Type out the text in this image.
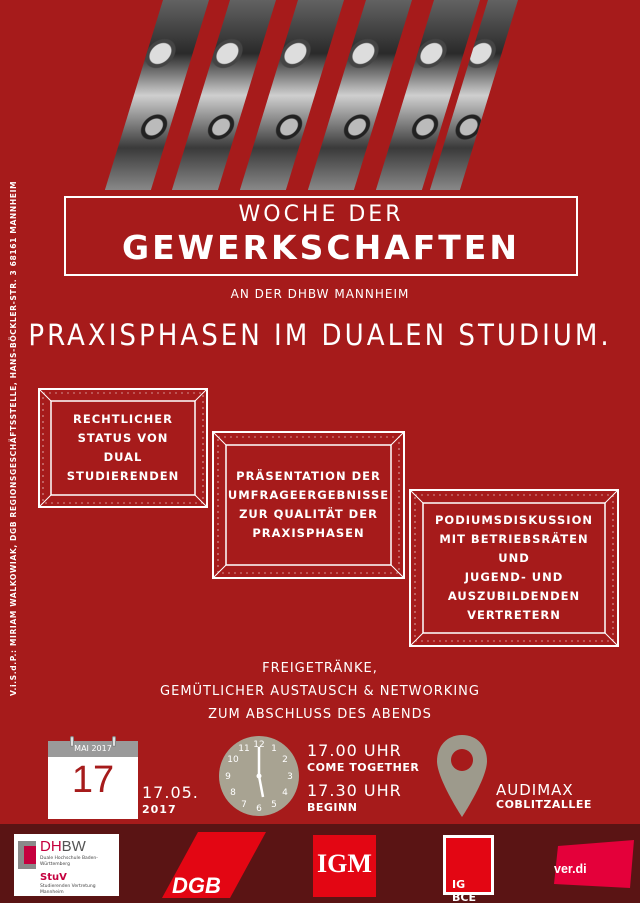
WOCHE DER
GEWERKSCHAFTEN
AN DER DHBW MANNHEIM
PRAXISPHASEN IM DUALEN STUDIUM.
V.i.S.d.P.: MIRIAM WALKOWIAK, DGB REGIONSGESCHÄFTSSTELLE, HANS-BÖCKLER-STR. 3 68161 MANNHEIM	RECHTLICHER
STATUS VON DUAL
STUDIERENDEN	PRÄSENTATION DER
UMFRAGEERGEBNISSE
ZUR QUALITÄT DER
PRAXISPHASEN
PODIUMSDISKUSSION
MIT BETRIEBSRÄTEN UND
JUGEND- UND
AUSZUBILDENDEN
VERTRETERN
FREIGETRÄNKE,
GEMÜTLICHER AUSTAUSCH & NETWORKING
ZUM ABSCHLUSS DES ABENDS
MAI 2017
17	17.05.
2017
12 1
2
3
4
5
6
7
8
9
10
11	17.00 UHR
COME TOGETHER
17.30 UHR
BEGINN
AUDIMAX
COBLITZALLEE
DHBW
Duale Hochschule Baden-Württemberg
StuV
Studierenden Vertretung Mannheim	DGB
IGM
IG BCE
ver.di
